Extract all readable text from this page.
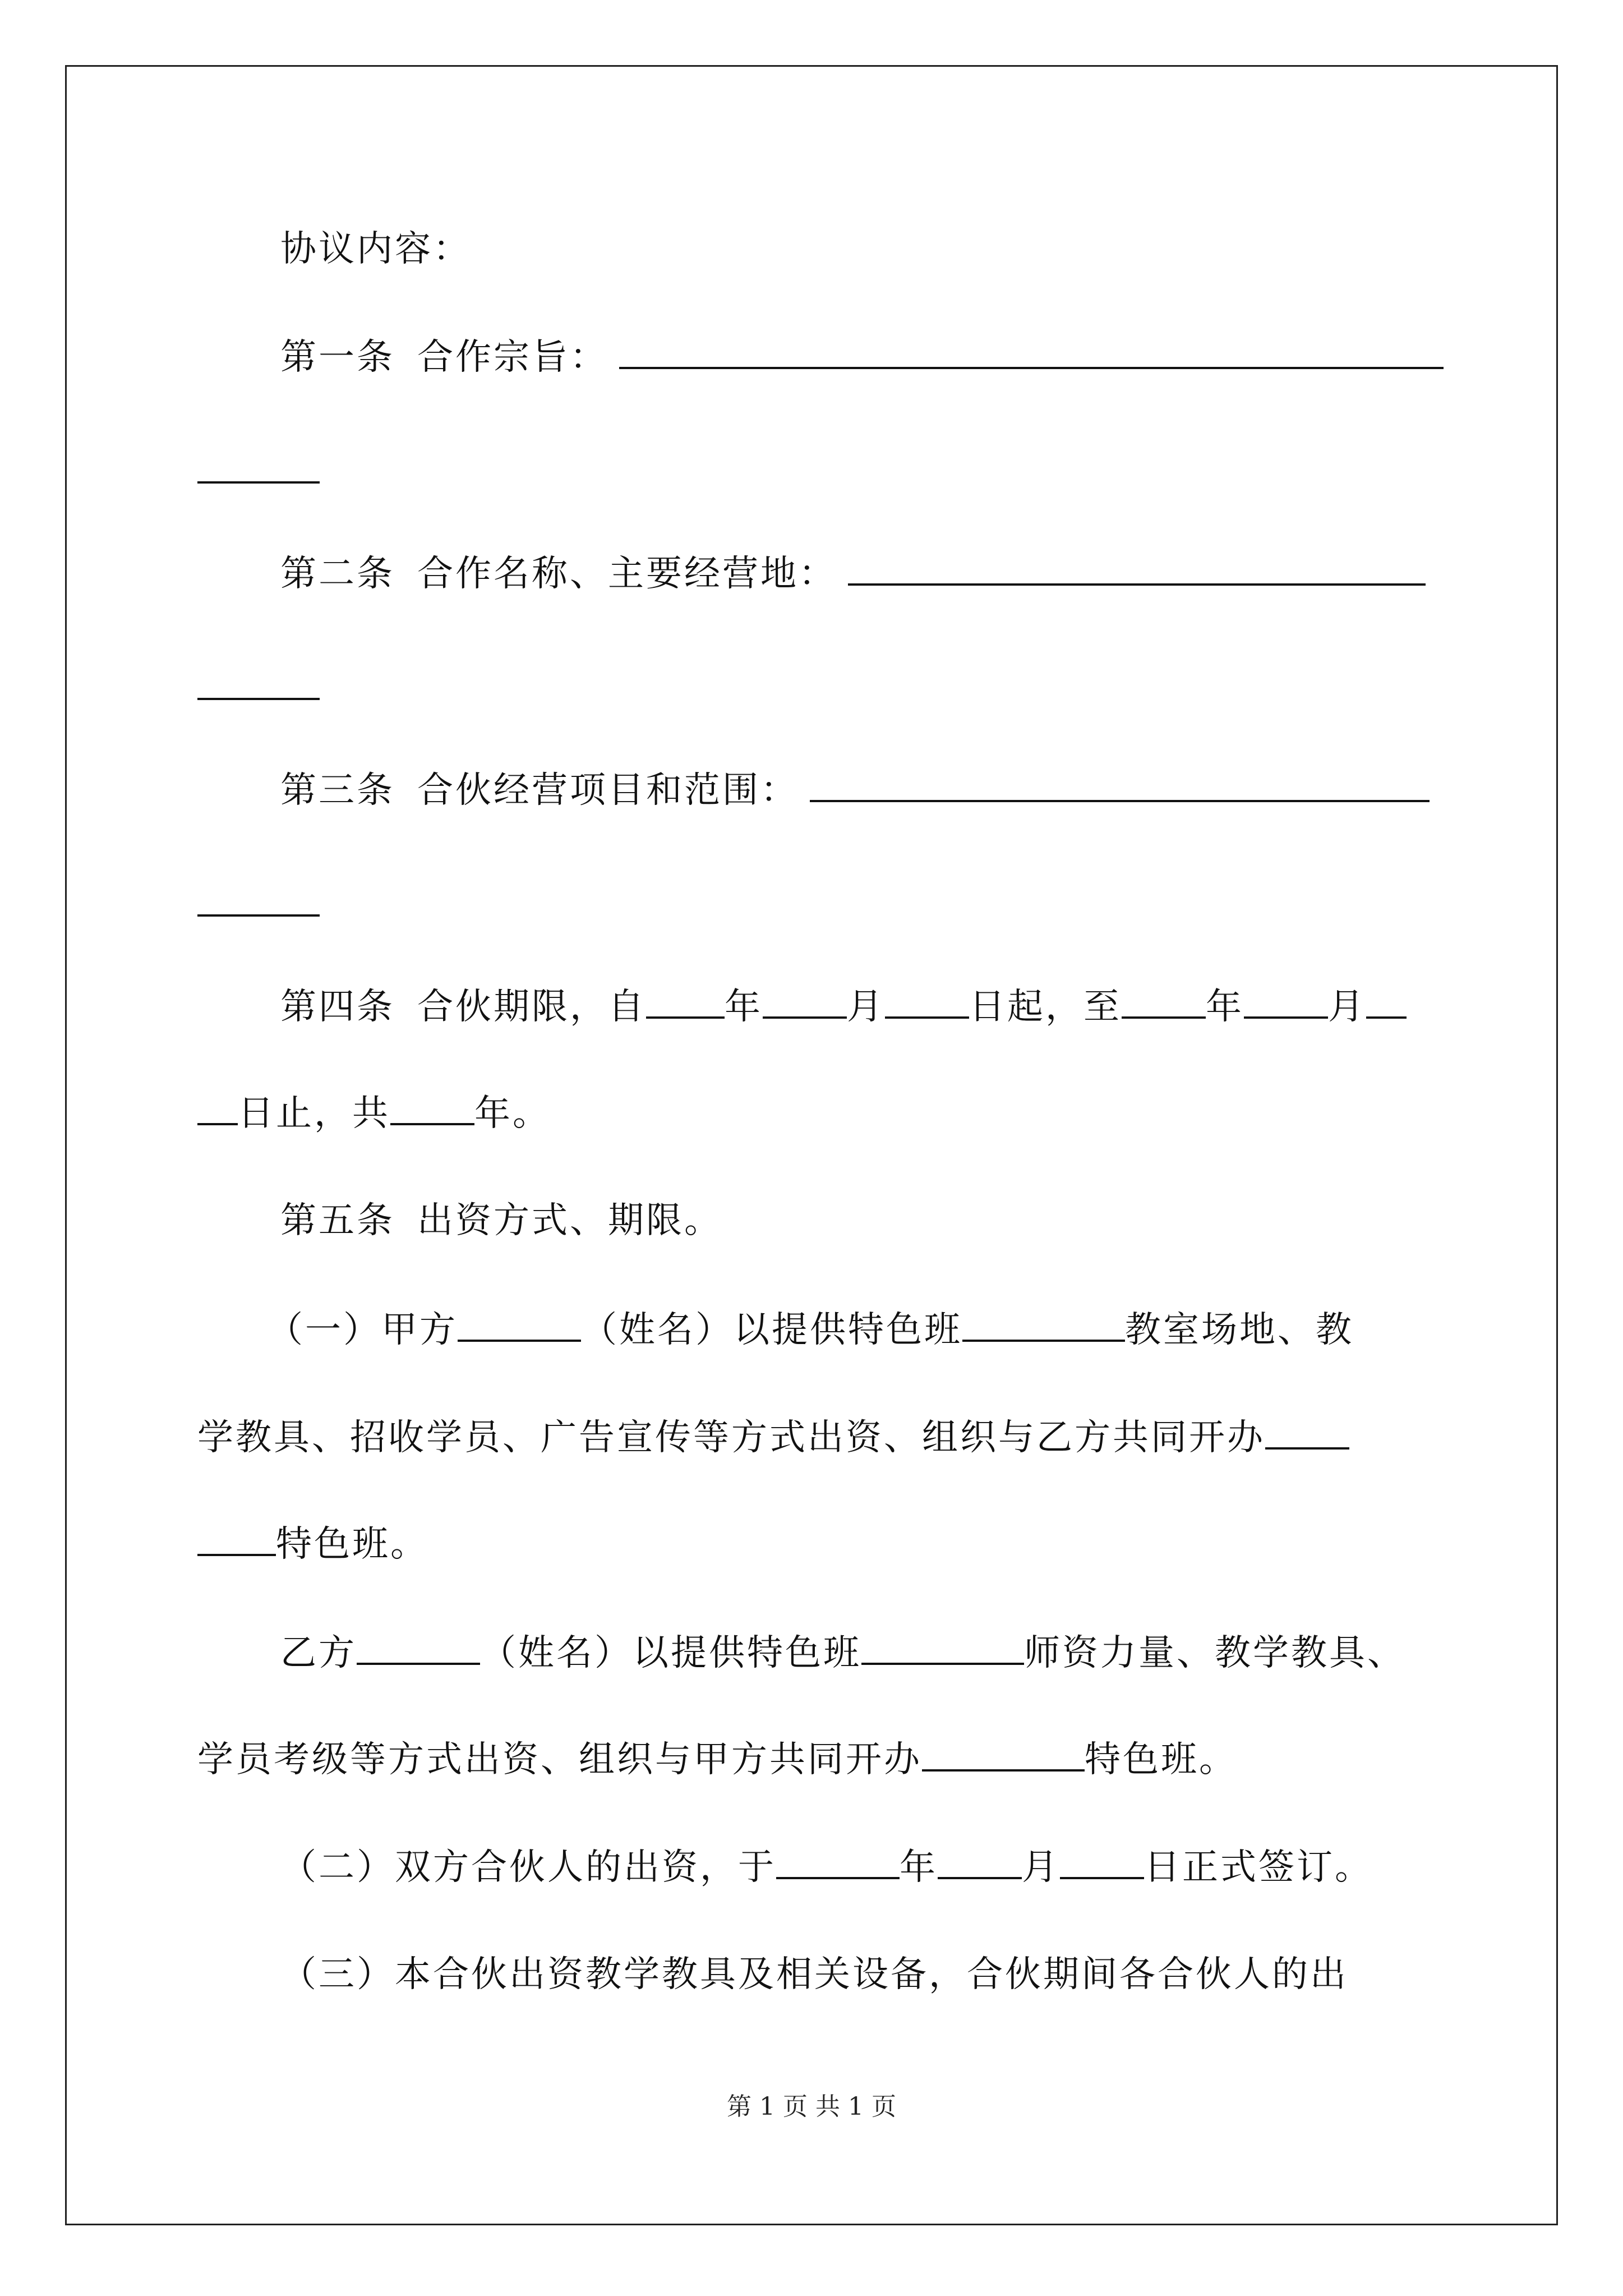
协议内容：
第一条 合作宗旨：
第二条 合作名称、主要经营地：
第三条 合伙经营项目和范围：
第四条 合伙期限，自 年 月 日起，至 年 月
日止，共 年。
第五条 出资方式、期限。
（一）甲方	（姓名）以提供特色班	教室场地、教
学教具、招收学员、广告宣传等方式出资、组织与乙方共同开办
特色班。
乙方	（姓名）以提供特色班	师资力量、教学教具、
学员考级等方式出资、组织与甲方共同开办	特色班。
（二）双方合伙人的出资，于	年 月 日正式签订。
（三）本合伙出资教学教具及相关设备，合伙期间各合伙人的出
第 1 页 共 1 页
